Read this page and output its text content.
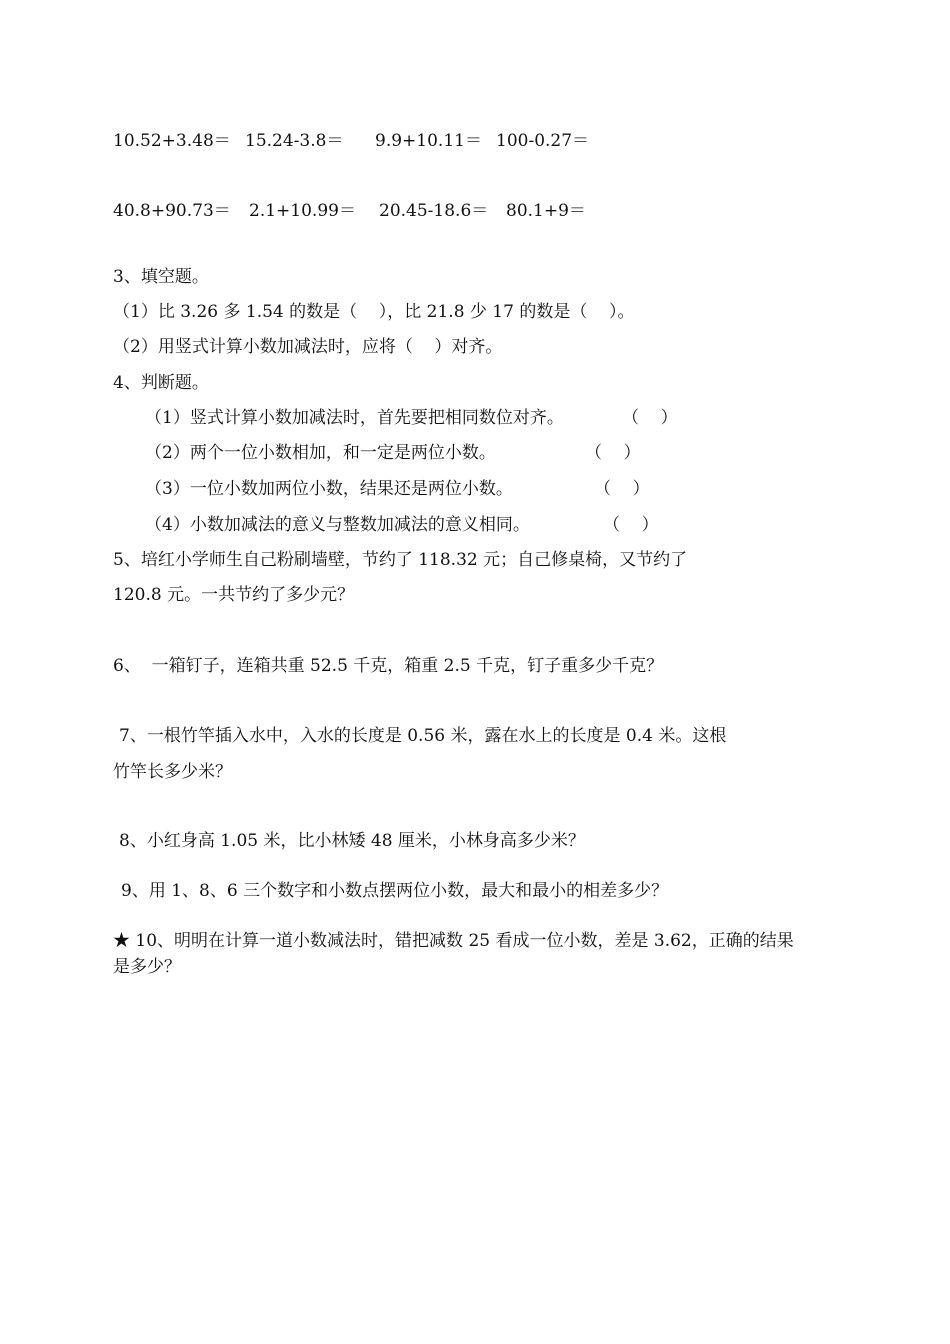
10.52+3.48＝ 15.24-3.8＝ 9.9+10.11＝ 100-0.27＝
40.8+90.73＝ 2.1+10.99＝ 20.45-18.6＝ 80.1+9＝
3、填空题。
（1）比 3.26 多 1.54 的数是（    ），比 21.8 少 17 的数是（    ）。
（2）用竖式计算小数加减法时，应将（    ）对齐。
4、判断题。
（1）竖式计算小数加减法时，首先要把相同数位对齐。	（    ）
（2）两个一位小数相加，和一定是两位小数。	（    ）
（3）一位小数加两位小数，结果还是两位小数。	（    ）
（4）小数加减法的意义与整数加减法的意义相同。	（    ）
5、培红小学师生自己粉刷墙壁，节约了 118.32 元；自己修桌椅，又节约了
120.8 元。一共节约了多少元？
6、  一箱钉子，连箱共重 52.5 千克，箱重 2.5 千克，钉子重多少千克？
7、一根竹竿插入水中，入水的长度是 0.56 米，露在水上的长度是 0.4 米。这根
竹竿长多少米？
8、小红身高 1.05 米，比小林矮 48 厘米，小林身高多少米？
9、用 1、8、6 三个数字和小数点摆两位小数，最大和最小的相差多少？
★ 10、明明在计算一道小数减法时，错把减数 25 看成一位小数，差是 3.62，正确的结果
是多少？
